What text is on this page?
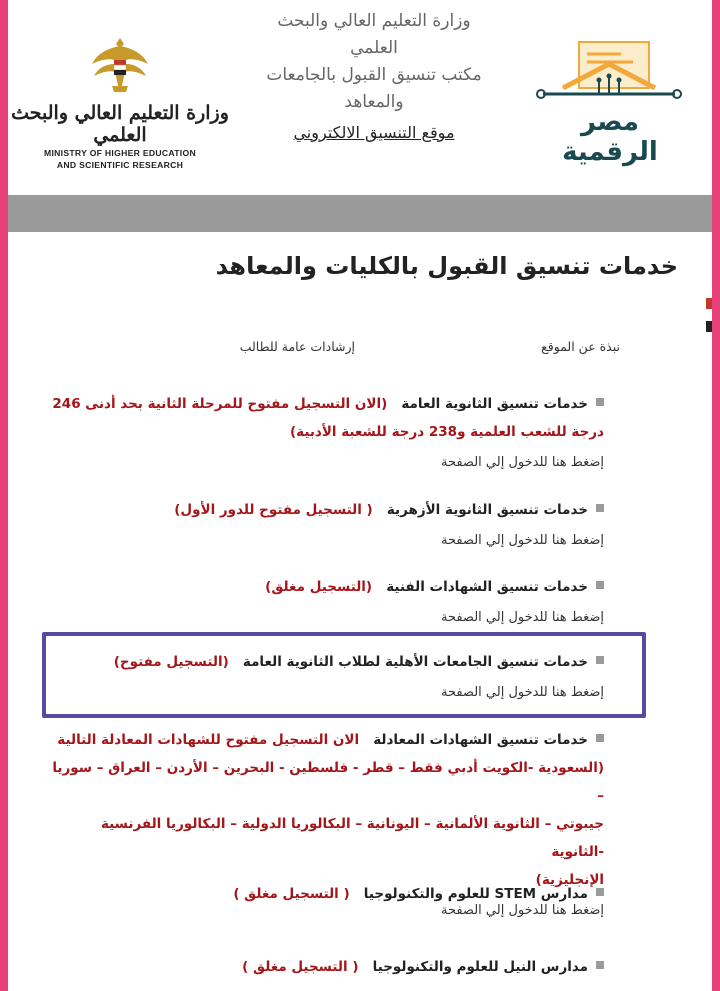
وزارة التعليم العالي والبحث العلمي
MINISTRY OF HIGHER EDUCATION
AND SCIENTIFIC RESEARCH
وزارة التعليم العالي والبحث
العلمي
مكتب تنسيق القبول بالجامعات
والمعاهد
موقع التنسيق الالكتروني	مصر الرقمية
خدمات تنسيق القبول بالكليات والمعاهد
نبذة عن الموقع
إرشادات عامة للطالب
خدمات تنسيق الثانوية العامة   (الان التسجيل مفتوح للمرحلة الثانية بحد أدنى 246
درجة للشعب العلمية و238 درجة للشعبة الأدبية)
إضغط هنا للدخول إلي الصفحة
خدمات تنسيق الثانوية الأزهرية   ( التسجيل مفتوح للدور الأول)
إضغط هنا للدخول إلي الصفحة
خدمات تنسيق الشهادات الفنية   (التسجيل مغلق)
إضغط هنا للدخول إلي الصفحة
خدمات تنسيق الجامعات الأهلية لطلاب الثانوية العامة   (التسجيل مفتوح)
إضغط هنا للدخول إلي الصفحة
خدمات تنسيق الشهادات المعادلة   الان التسجيل مفتوح للشهادات المعادلة التالية
(السعودية -الكويت أدبي فقط – قطر - فلسطين - البحرين – الأردن – العراق – سوريا –
جيبوتي – الثانوية الألمانية – اليونانية – البكالوريا الدولية – البكالوريا الفرنسية -الثانوية
الإنجليزية)
إضغط هنا للدخول إلي الصفحة
مدارس STEM للعلوم والتكنولوجيا   ( التسجيل مغلق )
مدارس النيل للعلوم والتكنولوجيا   ( التسجيل مغلق )
